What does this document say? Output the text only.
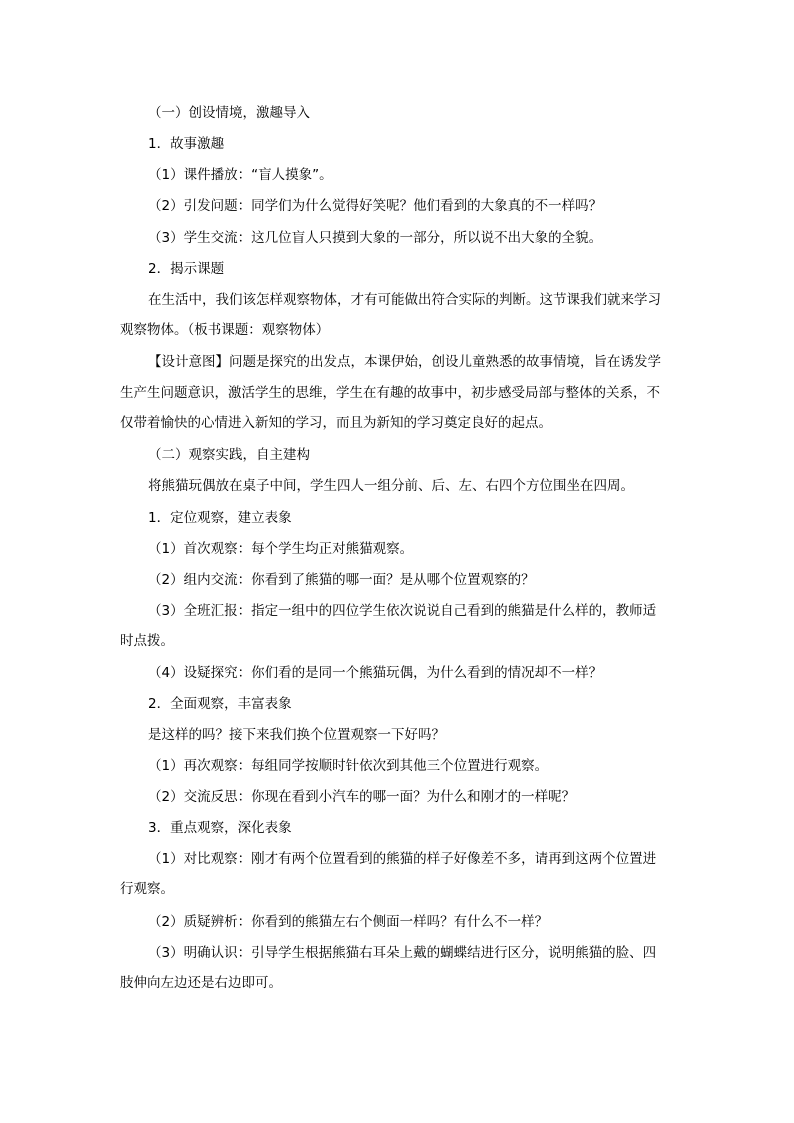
（一）创设情境，激趣导入
1．故事激趣
（1）课件播放：“盲人摸象”。
（2）引发问题：同学们为什么觉得好笑呢？他们看到的大象真的不一样吗？
（3）学生交流：这几位盲人只摸到大象的一部分，所以说不出大象的全貌。
2．揭示课题
在生活中，我们该怎样观察物体，才有可能做出符合实际的判断。这节课我们就来学习
观察物体。（板书课题：观察物体）
【设计意图】问题是探究的出发点，本课伊始，创设儿童熟悉的故事情境，旨在诱发学
生产生问题意识，激活学生的思维，学生在有趣的故事中，初步感受局部与整体的关系，不
仅带着愉快的心情进入新知的学习，而且为新知的学习奠定良好的起点。
（二）观察实践，自主建构
将熊猫玩偶放在桌子中间，学生四人一组分前、后、左、右四个方位围坐在四周。
1．定位观察，建立表象
（1）首次观察：每个学生均正对熊猫观察。
（2）组内交流：你看到了熊猫的哪一面？是从哪个位置观察的？
（3）全班汇报：指定一组中的四位学生依次说说自己看到的熊猫是什么样的，教师适
时点拨。
（4）设疑探究：你们看的是同一个熊猫玩偶，为什么看到的情况却不一样？
2．全面观察，丰富表象
是这样的吗？接下来我们换个位置观察一下好吗？
（1）再次观察：每组同学按顺时针依次到其他三个位置进行观察。
（2）交流反思：你现在看到小汽车的哪一面？为什么和刚才的一样呢？
3．重点观察，深化表象
（1）对比观察：刚才有两个位置看到的熊猫的样子好像差不多，请再到这两个位置进
行观察。
（2）质疑辨析：你看到的熊猫左右个侧面一样吗？有什么不一样？
（3）明确认识：引导学生根据熊猫右耳朵上戴的蝴蝶结进行区分，说明熊猫的脸、四
肢伸向左边还是右边即可。
